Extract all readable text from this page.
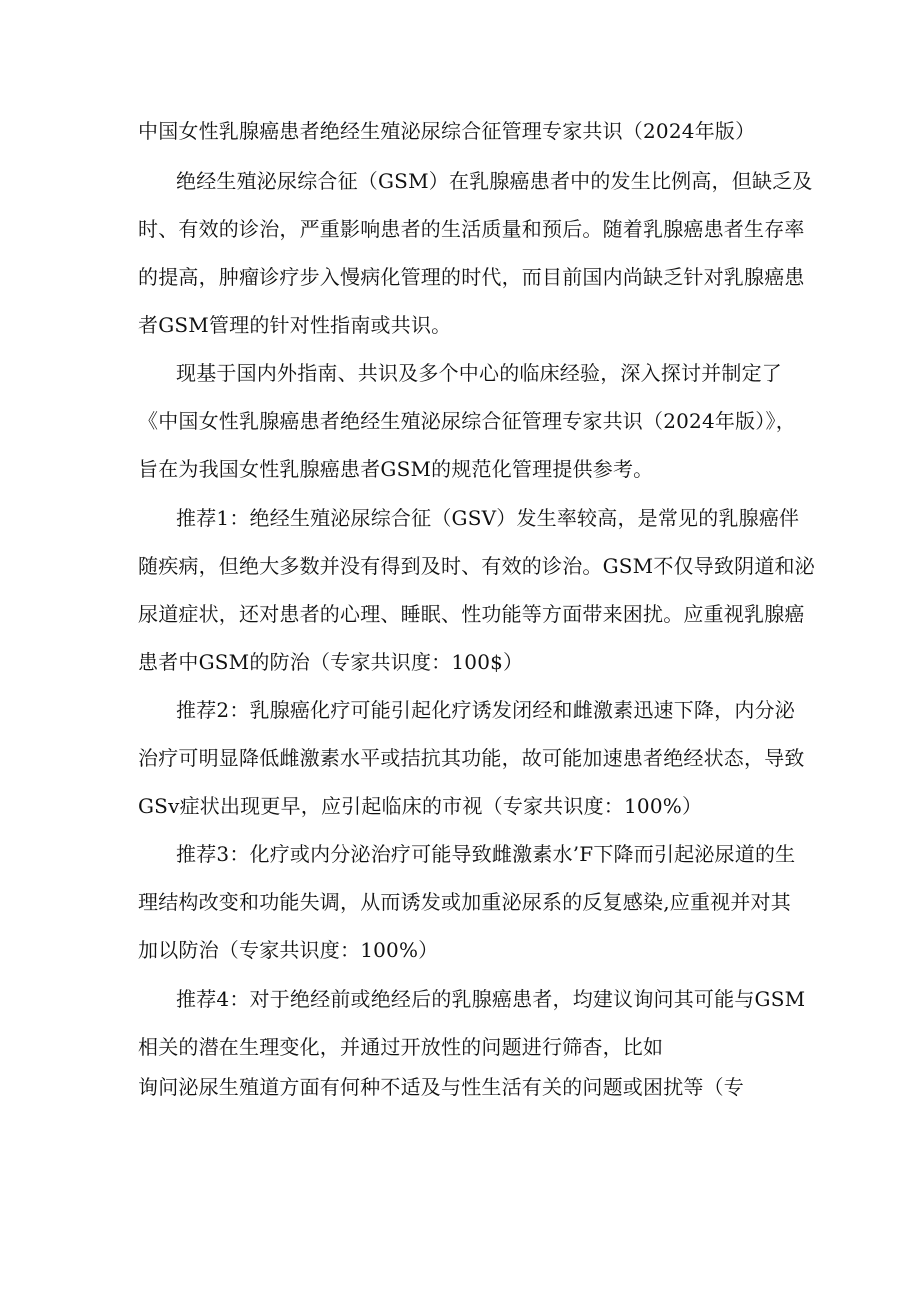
中国女性乳腺癌患者绝经生殖泌尿综合征管理专家共识（2024年版）
绝经生殖泌尿综合征（GSM）在乳腺癌患者中的发生比例高，但缺乏及
时、有效的诊治，严重影响患者的生活质量和预后。随着乳腺癌患者生存率
的提高，肿瘤诊疗步入慢病化管理的时代，而目前国内尚缺乏针对乳腺癌患
者GSM管理的针对性指南或共识。
现基于国内外指南、共识及多个中心的临床经验，深入探讨并制定了
《中国女性乳腺癌患者绝经生殖泌尿综合征管理专家共识（2024年版）》，
旨在为我国女性乳腺癌患者GSM的规范化管理提供参考。
推荐1：绝经生殖泌尿综合征（GSV）发生率较高，是常见的乳腺癌伴
随疾病，但绝大多数并没有得到及时、有效的诊治。GSM不仅导致阴道和泌
尿道症状，还对患者的心理、睡眠、性功能等方面带来困扰。应重视乳腺癌
患者中GSM的防治（专家共识度：100$）
推荐2：乳腺癌化疗可能引起化疗诱发闭经和雌激素迅速下降，内分泌
治疗可明显降低雌激素水平或拮抗其功能，故可能加速患者绝经状态，导致
GSv症状出现更早，应引起临床的市视（专家共识度：100%）
推荐3：化疗或内分泌治疗可能导致雌激素水’F下降而引起泌尿道的生
理结构改变和功能失调，从而诱发或加重泌尿系的反复感染,应重视并对其
加以防治（专家共识度：100%）
推荐4：对于绝经前或绝经后的乳腺癌患者，均建议询问其可能与GSM
相关的潜在生理变化，并通过开放性的问题进行筛杳，比如
询问泌尿生殖道方面有何种不适及与性生活有关的问题或困扰等（专
